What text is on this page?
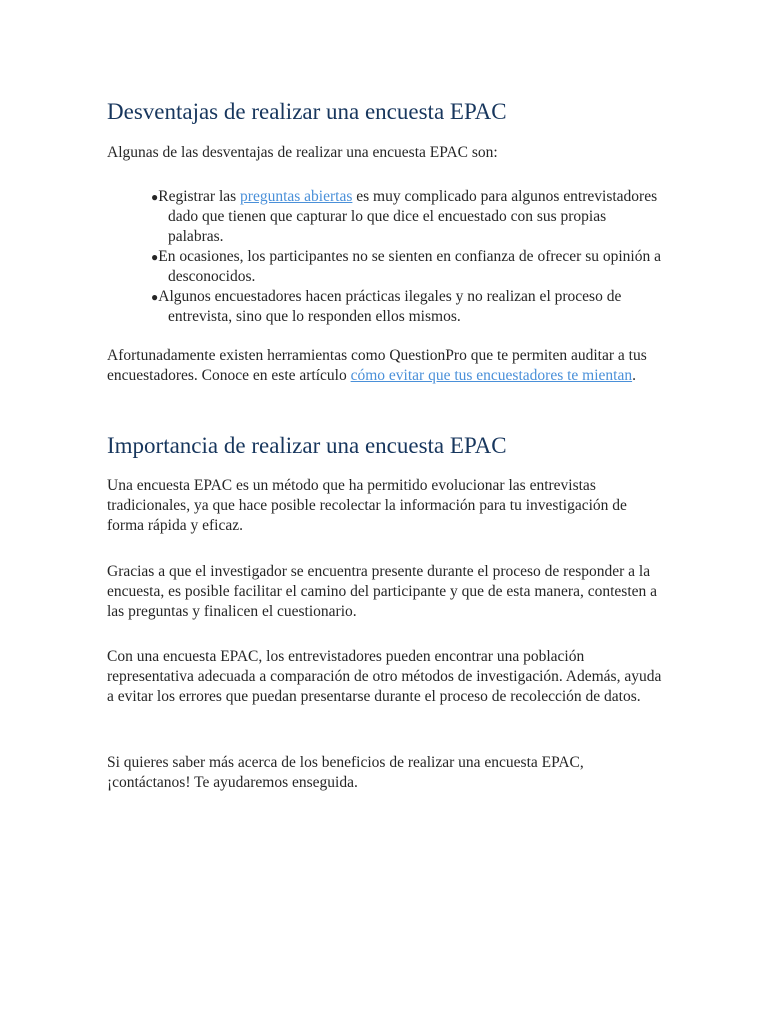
Desventajas de realizar una encuesta EPAC

Algunas de las desventajas de realizar una encuesta EPAC son:

●Registrar las preguntas abiertas es muy complicado para algunos entrevistadores dado que tienen que capturar lo que dice el encuestado con sus propias palabras.
●En ocasiones, los participantes no se sienten en confianza de ofrecer su opinión a desconocidos.
●Algunos encuestadores hacen prácticas ilegales y no realizan el proceso de entrevista, sino que lo responden ellos mismos.

Afortunadamente existen herramientas como QuestionPro que te permiten auditar a tus encuestadores. Conoce en este artículo cómo evitar que tus encuestadores te mientan.

Importancia de realizar una encuesta EPAC

Una encuesta EPAC es un método que ha permitido evolucionar las entrevistas tradicionales, ya que hace posible recolectar la información para tu investigación de forma rápida y eficaz.

Gracias a que el investigador se encuentra presente durante el proceso de responder a la encuesta, es posible facilitar el camino del participante y que de esta manera, contesten a las preguntas y finalicen el cuestionario.

Con una encuesta EPAC, los entrevistadores pueden encontrar una población representativa adecuada a comparación de otro métodos de investigación. Además, ayuda a evitar los errores que puedan presentarse durante el proceso de recolección de datos.

Si quieres saber más acerca de los beneficios de realizar una encuesta EPAC, ¡contáctanos! Te ayudaremos enseguida.
